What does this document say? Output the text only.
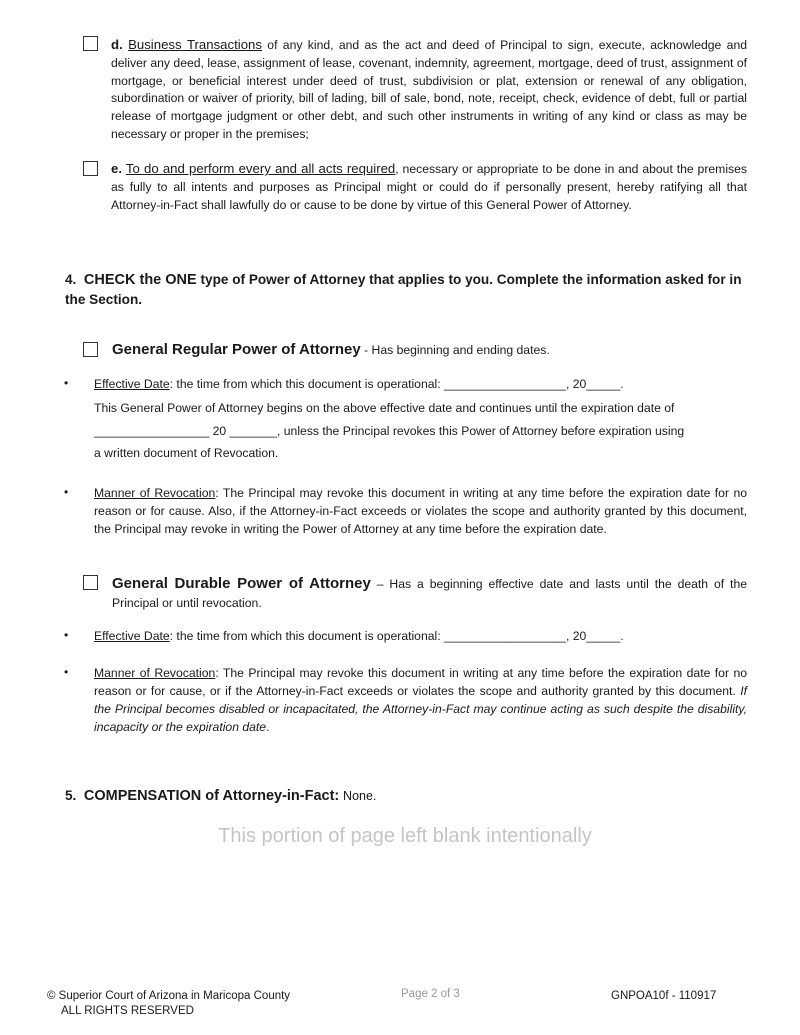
d. Business Transactions of any kind, and as the act and deed of Principal to sign, execute, acknowledge and deliver any deed, lease, assignment of lease, covenant, indemnity, agreement, mortgage, deed of trust, assignment of mortgage, or beneficial interest under deed of trust, subdivision or plat, extension or renewal of any obligation, subordination or waiver of priority, bill of lading, bill of sale, bond, note, receipt, check, evidence of debt, full or partial release of mortgage judgment or other debt, and such other instruments in writing of any kind or class as may be necessary or proper in the premises;
e. To do and perform every and all acts required, necessary or appropriate to be done in and about the premises as fully to all intents and purposes as Principal might or could do if personally present, hereby ratifying all that Attorney-in-Fact shall lawfully do or cause to be done by virtue of this General Power of Attorney.
4. CHECK the ONE type of Power of Attorney that applies to you. Complete the information asked for in the Section.
General Regular Power of Attorney - Has beginning and ending dates.
• Effective Date: the time from which this document is operational: __________________, 20_____.
This General Power of Attorney begins on the above effective date and continues until the expiration date of
_________________ 20 _______, unless the Principal revokes this Power of Attorney before expiration using
a written document of Revocation.
• Manner of Revocation: The Principal may revoke this document in writing at any time before the expiration date for no reason or for cause. Also, if the Attorney-in-Fact exceeds or violates the scope and authority granted by this document, the Principal may revoke in writing the Power of Attorney at any time before the expiration date.
General Durable Power of Attorney – Has a beginning effective date and lasts until the death of the Principal or until revocation.
• Effective Date: the time from which this document is operational: __________________, 20_____.
• Manner of Revocation: The Principal may revoke this document in writing at any time before the expiration date for no reason or for cause, or if the Attorney-in-Fact exceeds or violates the scope and authority granted by this document. If the Principal becomes disabled or incapacitated, the Attorney-in-Fact may continue acting as such despite the disability, incapacity or the expiration date.
5. COMPENSATION of Attorney-in-Fact: None.
This portion of page left blank intentionally
© Superior Court of Arizona in Maricopa County
ALL RIGHTS RESERVED
Page 2 of 3	GNPOA10f - 110917
